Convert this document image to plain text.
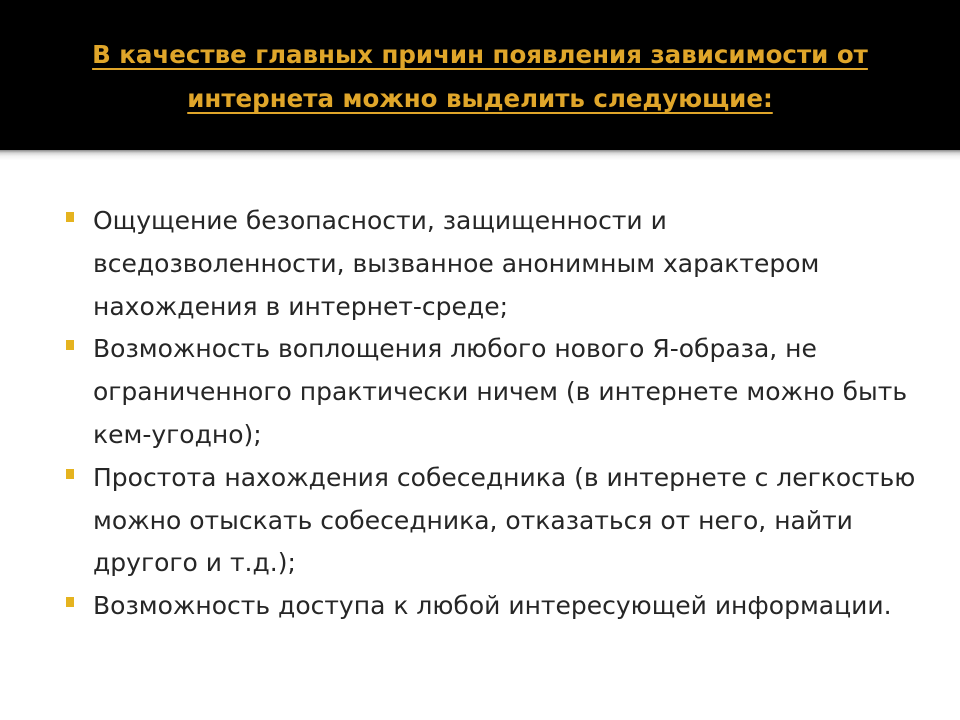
В качестве главных причин появления зависимости от интернета можно выделить следующие:
Ощущение безопасности, защищенности и вседозволенности, вызванное анонимным характером нахождения в интернет-среде;
Возможность воплощения любого нового Я-образа, не ограниченного практически ничем (в интернете можно быть кем-угодно);
Простота нахождения собеседника (в интернете с легкостью можно отыскать собеседника, отказаться от него, найти другого и т.д.);
Возможность доступа к любой интересующей информации.
